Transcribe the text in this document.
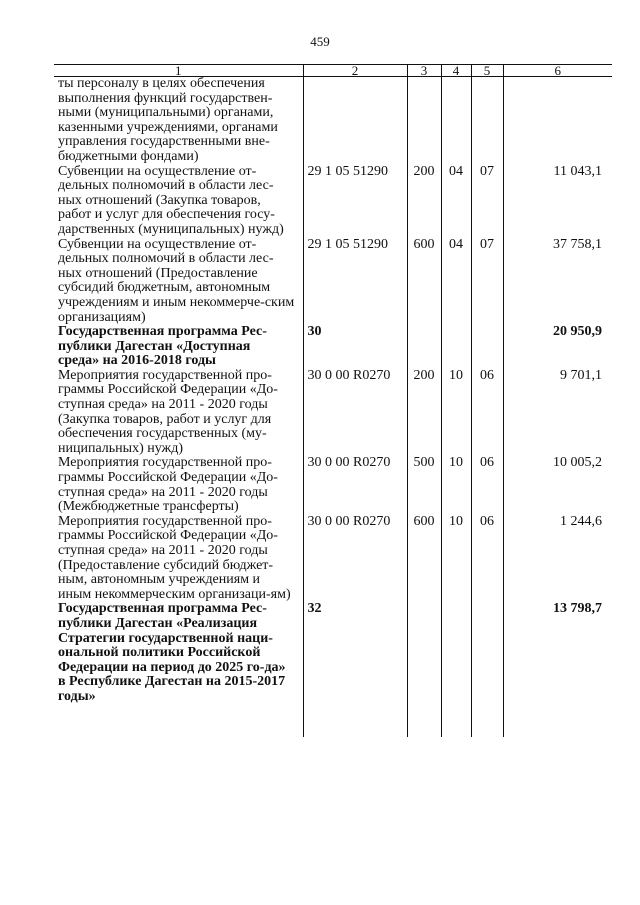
459
1	2	3	4	5	6
ты персоналу в целях обеспечения выполнения функций государствен-ными (муниципальными) органами, казенными учреждениями, органами управления государственными вне-бюджетными фондами)					
Субвенции на осуществление от-дельных полномочий в области лес-ных отношений (Закупка товаров, работ и услуг для обеспечения госу-дарственных (муниципальных) нужд)	29 1 05 51290	200	04	07	11 043,1
Субвенции на осуществление от-дельных полномочий в области лес-ных отношений (Предоставление субсидий бюджетным, автономным учреждениям и иным некоммерче-ским организациям)	29 1 05 51290	600	04	07	37 758,1
Государственная программа Рес-публики Дагестан «Доступная среда» на 2016-2018 годы	30				20 950,9
Мероприятия государственной про-граммы Российской Федерации «До-ступная среда» на 2011 - 2020 годы (Закупка товаров, работ и услуг для обеспечения государственных (му-ниципальных) нужд)	30 0 00 R0270	200	10	06	9 701,1
Мероприятия государственной про-граммы Российской Федерации «До-ступная среда» на 2011 - 2020 годы (Межбюджетные трансферты)	30 0 00 R0270	500	10	06	10 005,2
Мероприятия государственной про-граммы Российской Федерации «До-ступная среда» на 2011 - 2020 годы (Предоставление субсидий бюджет-ным, автономным учреждениям и иным некоммерческим организаци-ям)	30 0 00 R0270	600	10	06	1 244,6
Государственная программа Рес-публики Дагестан «Реализация Стратегии государственной наци-ональной политики Российской Федерации на период до 2025 го-да» в Республике Дагестан на 2015-2017 годы»	32				13 798,7
